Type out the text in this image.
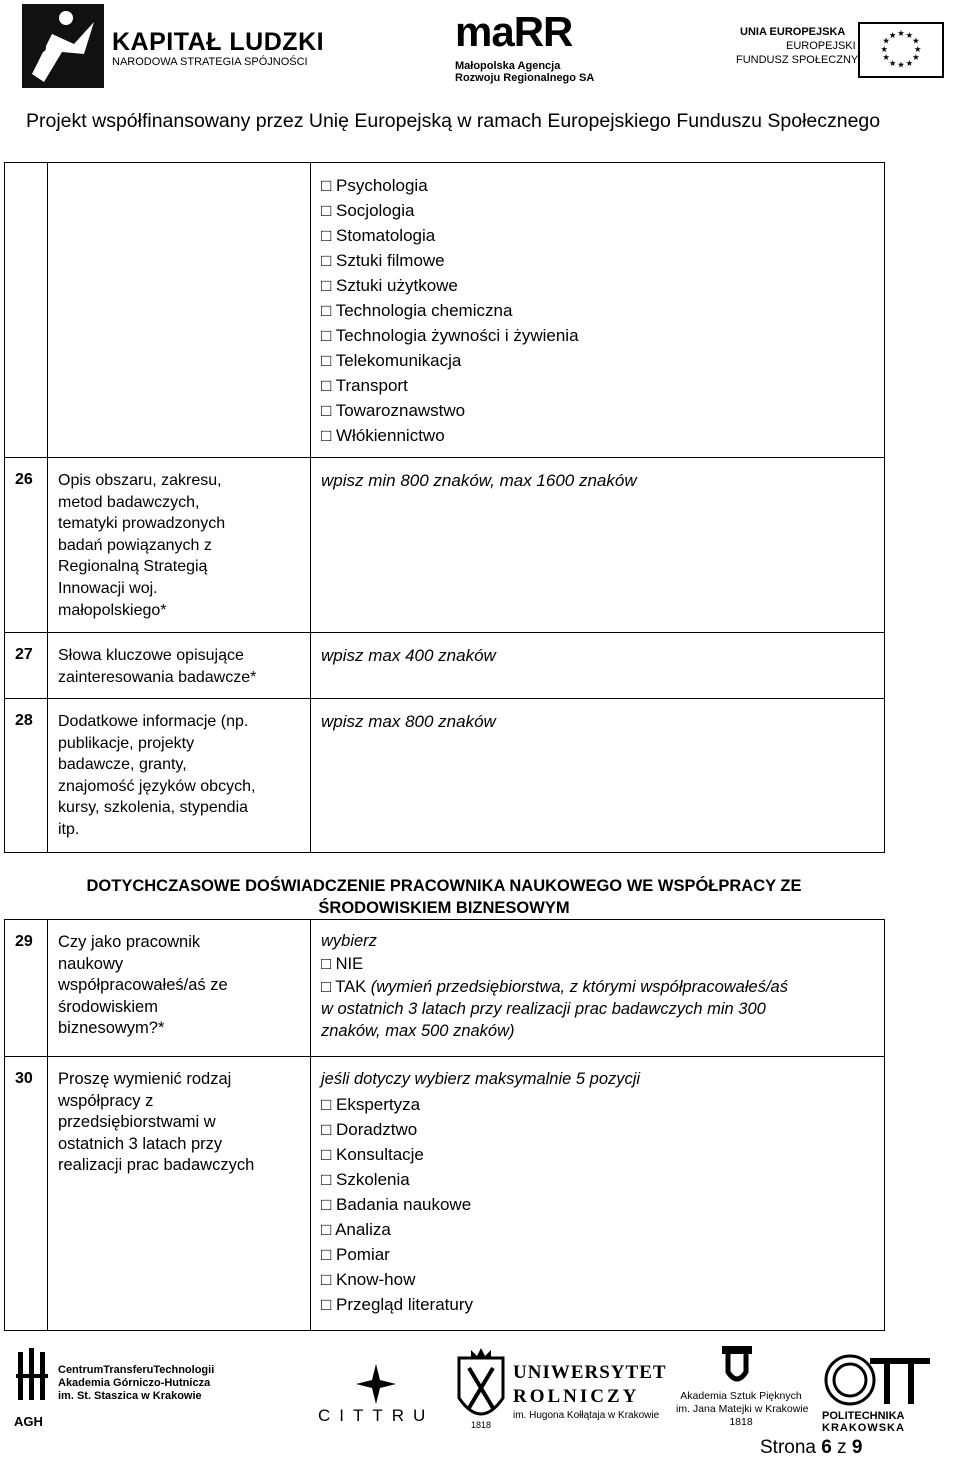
KAPITAŁ LUDZKI
NARODOWA STRATEGIA SPÓJNOŚCI
maRR
Małopolska Agencja
Rozwoju Regionalnego SA
UNIA EUROPEJSKA
EUROPEJSKI
FUNDUSZ SPOŁECZNY
★ ★
★
★
★
★
★
★
★
★
★
★
Projekt współfinansowany przez Unię Europejską w ramach Europejskiego Funduszu Społecznego
□ Psychologia
□ Socjologia
□ Stomatologia
□ Sztuki filmowe
□ Sztuki użytkowe
□ Technologia chemiczna
□ Technologia żywności i żywienia
□ Telekomunikacja
□ Transport
□ Towaroznawstwo
□ Włókiennictwo
26 Opis obszaru, zakresu,
metod badawczych,
tematyki prowadzonych
badań powiązanych z
Regionalną Strategią
Innowacji woj.
małopolskiego*
wpisz min 800 znaków, max 1600 znaków
27 Słowa kluczowe opisujące
zainteresowania badawcze*
wpisz max 400 znaków
28 Dodatkowe informacje (np.
publikacje, projekty
badawcze, granty,
znajomość języków obcych,
kursy, szkolenia, stypendia
itp.
wpisz max 800 znaków
DOTYCHCZASOWE DOŚWIADCZENIE PRACOWNIKA NAUKOWEGO WE WSPÓŁPRACY ZE
ŚRODOWISKIEM BIZNESOWYM
29 Czy jako pracownik
naukowy
współpracowałeś/aś ze
środowiskiem
biznesowym?*
wybierz
□ NIE
□ TAK (wymień przedsiębiorstwa, z którymi współpracowałeś/aś
w ostatnich 3 latach przy realizacji prac badawczych min 300
znaków, max 500 znaków)
30 Proszę wymienić rodzaj
współpracy z
przedsiębiorstwami w
ostatnich 3 latach przy
realizacji prac badawczych
jeśli dotyczy wybierz maksymalnie 5 pozycji
□ Ekspertyza
□ Doradztwo
□ Konsultacje
□ Szkolenia
□ Badania naukowe
□ Analiza
□ Pomiar
□ Know-how
□ Przegląd literatury
AGH
CentrumTransferuTechnologii
Akademia Górniczo-Hutnicza
im. St. Staszica w Krakowie
CITTRU
UNIWERSYTET
ROLNICZY
im. Hugona Kołłątaja w Krakowie
1818
Akademia Sztuk Pięknych
im. Jana Matejki w Krakowie
1818	POLITECHNIKA
KRAKOWSKA
Strona 6 z 9
